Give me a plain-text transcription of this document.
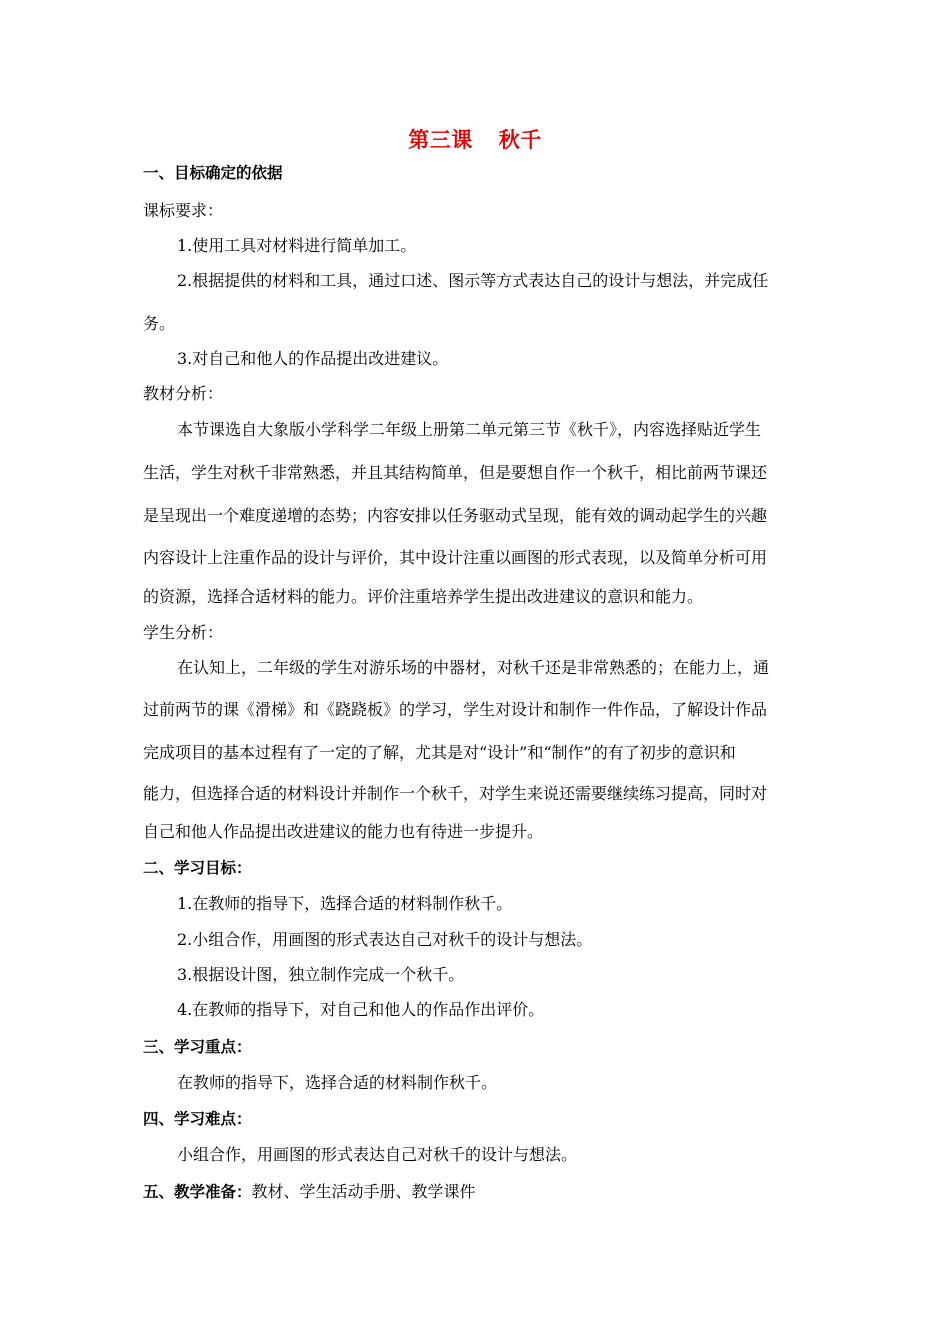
第三课 秋千
一、目标确定的依据
课标要求：
1.使用工具对材料进行简单加工。
2.根据提供的材料和工具，通过口述、图示等方式表达自己的设计与想法，并完成任
务。
3.对自己和他人的作品提出改进建议。
教材分析：
本节课选自大象版小学科学二年级上册第二单元第三节《秋千》，内容选择贴近学生
生活，学生对秋千非常熟悉，并且其结构简单，但是要想自作一个秋千，相比前两节课还
是呈现出一个难度递增的态势；内容安排以任务驱动式呈现，能有效的调动起学生的兴趣
内容设计上注重作品的设计与评价，其中设计注重以画图的形式表现，以及简单分析可用
的资源，选择合适材料的能力。评价注重培养学生提出改进建议的意识和能力。
学生分析：
在认知上，二年级的学生对游乐场的中器材，对秋千还是非常熟悉的；在能力上，通
过前两节的课《滑梯》和《跷跷板》的学习，学生对设计和制作一件作品，了解设计作品
完成项目的基本过程有了一定的了解，尤其是对“设计”和“制作”的有了初步的意识和
能力，但选择合适的材料设计并制作一个秋千，对学生来说还需要继续练习提高，同时对
自己和他人作品提出改进建议的能力也有待进一步提升。
二、学习目标：
1.在教师的指导下，选择合适的材料制作秋千。
2.小组合作，用画图的形式表达自己对秋千的设计与想法。
3.根据设计图，独立制作完成一个秋千。
4.在教师的指导下，对自己和他人的作品作出评价。
三、学习重点：
在教师的指导下，选择合适的材料制作秋千。
四、学习难点：
小组合作，用画图的形式表达自己对秋千的设计与想法。
五、教学准备：教材、学生活动手册、教学课件
